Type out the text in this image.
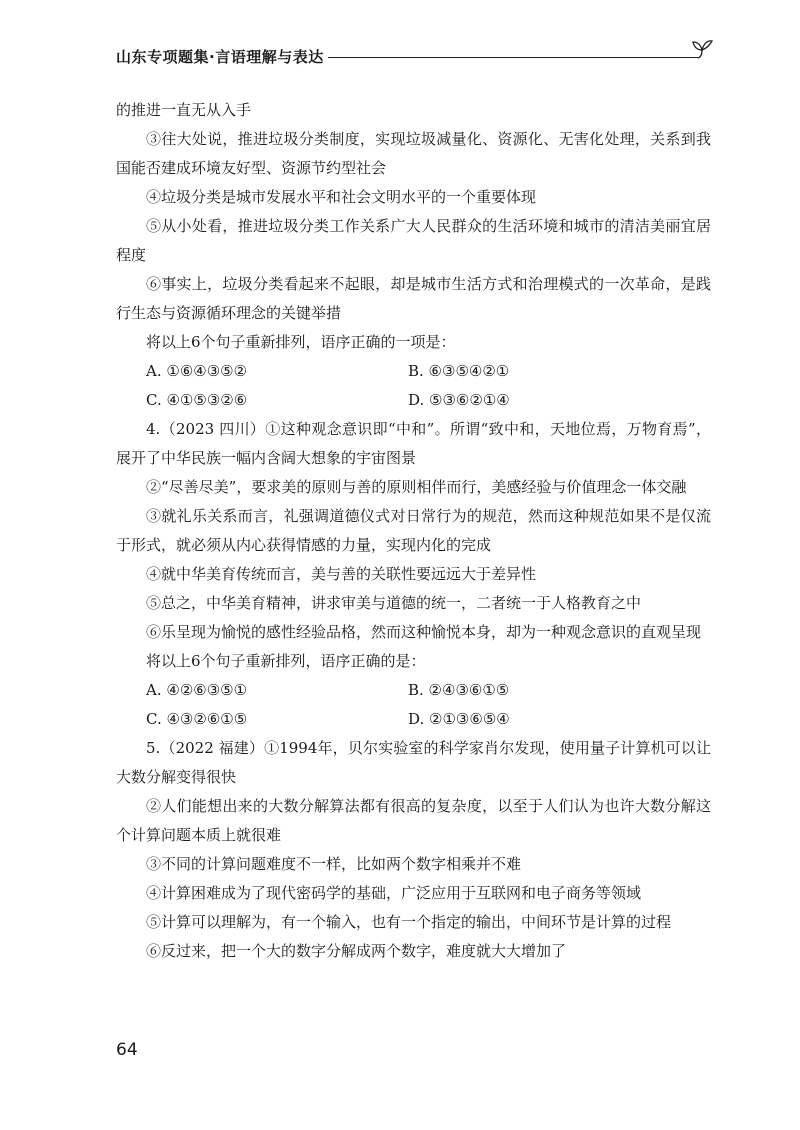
山东专项题集·言语理解与表达

的推进一直无从入手

③往大处说，推进垃圾分类制度，实现垃圾减量化、资源化、无害化处理，关系到我国能否建成环境友好型、资源节约型社会

④垃圾分类是城市发展水平和社会文明水平的一个重要体现

⑤从小处看，推进垃圾分类工作关系广大人民群众的生活环境和城市的清洁美丽宜居程度

⑥事实上，垃圾分类看起来不起眼，却是城市生活方式和治理模式的一次革命，是践行生态与资源循环理念的关键举措

将以上6个句子重新排列，语序正确的一项是：

A. ①⑥④③⑤②	B. ⑥③⑤④②①
C. ④①⑤③②⑥	D. ⑤③⑥②①④

4.（2023 四川）①这种观念意识即“中和”。所谓“致中和，天地位焉，万物育焉”，展开了中华民族一幅内含阔大想象的宇宙图景

②“尽善尽美”，要求美的原则与善的原则相伴而行，美感经验与价值理念一体交融

③就礼乐关系而言，礼强调道德仪式对日常行为的规范，然而这种规范如果不是仅流于形式，就必须从内心获得情感的力量，实现内化的完成

④就中华美育传统而言，美与善的关联性要远远大于差异性

⑤总之，中华美育精神，讲求审美与道德的统一，二者统一于人格教育之中

⑥乐呈现为愉悦的感性经验品格，然而这种愉悦本身，却为一种观念意识的直观呈现

将以上6个句子重新排列，语序正确的是：

A. ④②⑥③⑤①	B. ②④③⑥①⑤
C. ④③②⑥①⑤	D. ②①③⑥⑤④

5.（2022 福建）①1994年，贝尔实验室的科学家肖尔发现，使用量子计算机可以让大数分解变得很快

②人们能想出来的大数分解算法都有很高的复杂度，以至于人们认为也许大数分解这个计算问题本质上就很难

③不同的计算问题难度不一样，比如两个数字相乘并不难

④计算困难成为了现代密码学的基础，广泛应用于互联网和电子商务等领域

⑤计算可以理解为，有一个输入，也有一个指定的输出，中间环节是计算的过程

⑥反过来，把一个大的数字分解成两个数字，难度就大大增加了

64
